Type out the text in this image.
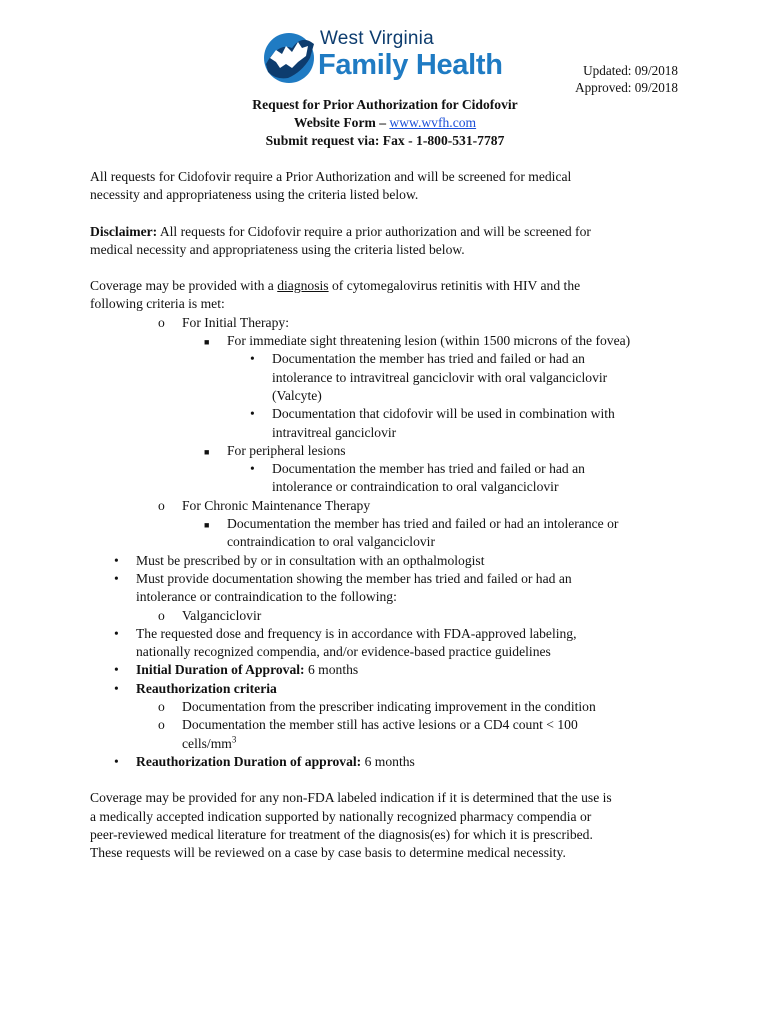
West Virginia
Family Health	Updated: 09/2018
Approved: 09/2018
Request for Prior Authorization for Cidofovir
Website Form – www.wvfh.com
Submit request via: Fax - 1-800-531-7787
All requests for Cidofovir require a Prior Authorization and will be screened for medical
necessity and appropriateness using the criteria listed below.
Disclaimer: All requests for Cidofovir require a prior authorization and will be screened for
medical necessity and appropriateness using the criteria listed below.
Coverage may be provided with a diagnosis of cytomegalovirus retinitis with HIV and the
following criteria is met:
o For Initial Therapy:
■ For immediate sight threatening lesion (within 1500 microns of the fovea)
• Documentation the member has tried and failed or had an
intolerance to intravitreal ganciclovir with oral valganciclovir
(Valcyte)
• Documentation that cidofovir will be used in combination with
intravitreal ganciclovir
■ For peripheral lesions
• Documentation the member has tried and failed or had an
intolerance or contraindication to oral valganciclovir
o For Chronic Maintenance Therapy
■ Documentation the member has tried and failed or had an intolerance or
contraindication to oral valganciclovir
• Must be prescribed by or in consultation with an opthalmologist
• Must provide documentation showing the member has tried and failed or had an
intolerance or contraindication to the following:
o Valganciclovir
• The requested dose and frequency is in accordance with FDA-approved labeling,
nationally recognized compendia, and/or evidence-based practice guidelines
• Initial Duration of Approval: 6 months
• Reauthorization criteria
o Documentation from the prescriber indicating improvement in the condition
o Documentation the member still has active lesions or a CD4 count < 100
cells/$mm^3$
• Reauthorization Duration of approval: 6 months
Coverage may be provided for any non-FDA labeled indication if it is determined that the use is
a medically accepted indication supported by nationally recognized pharmacy compendia or
peer-reviewed medical literature for treatment of the diagnosis(es) for which it is prescribed.
These requests will be reviewed on a case by case basis to determine medical necessity.
